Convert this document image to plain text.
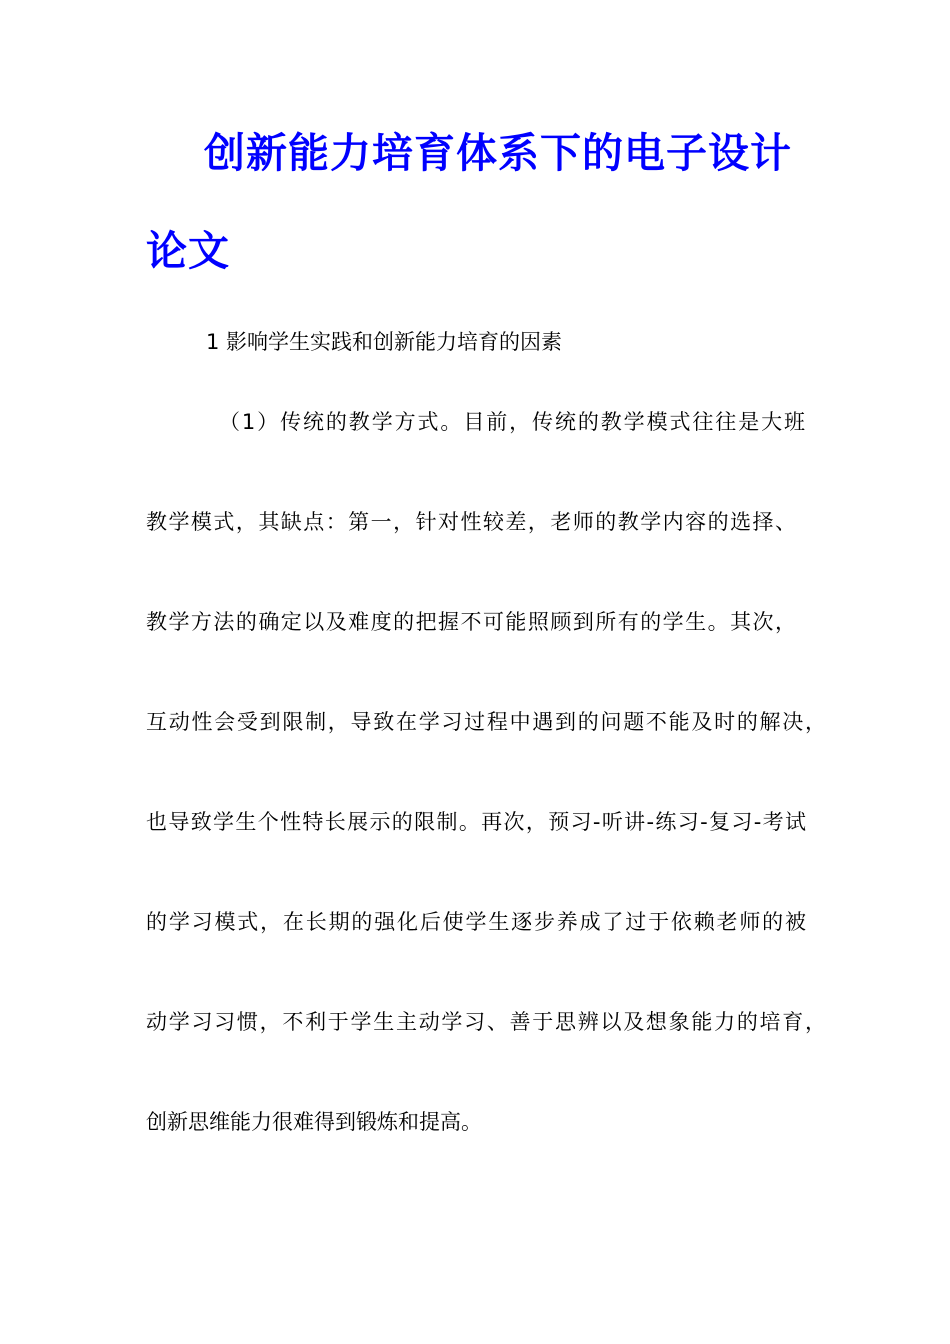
创新能力培育体系下的电子设计
论文
1 影响学生实践和创新能力培育的因素
（1）传统的教学方式。目前，传统的教学模式往往是大班
教学模式，其缺点：第一，针对性较差，老师的教学内容的选择、
教学方法的确定以及难度的把握不可能照顾到所有的学生。其次，
互动性会受到限制，导致在学习过程中遇到的问题不能及时的解决，
也导致学生个性特长展示的限制。再次，预习-听讲-练习-复习-考试
的学习模式，在长期的强化后使学生逐步养成了过于依赖老师的被
动学习习惯，不利于学生主动学习、善于思辨以及想象能力的培育，
创新思维能力很难得到锻炼和提高。
